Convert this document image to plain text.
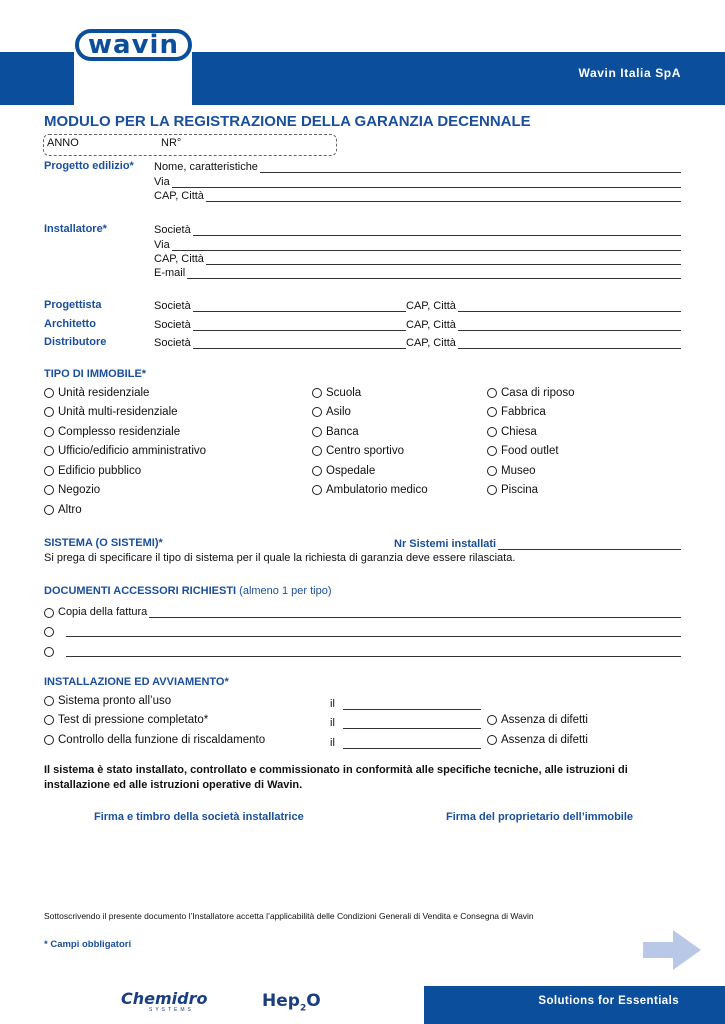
wavin
Wavin Italia SpA
MODULO PER LA REGISTRAZIONE DELLA GARANZIA DECENNALE
ANNO	NR°
Progetto edilizio* Nome, caratteristiche
Via
CAP, Città
Installatore*	Società
Via
CAP, Città
E-mail
Progettista	Società	CAP, Città
Architetto	Società	CAP, Città
Distributore	Società	CAP, Città
TIPO DI IMMOBILE*
Unità residenziale
Unità multi-residenziale
Complesso residenziale
Ufficio/edificio amministrativo
Edificio pubblico
Negozio
Altro
Scuola
Asilo
Banca
Centro sportivo
Ospedale
Ambulatorio medico
Casa di riposo
Fabbrica
Chiesa
Food outlet
Museo
Piscina
SISTEMA (O SISTEMI)*	Nr Sistemi installati
Si prega di specificare il tipo di sistema per il quale la richiesta di garanzia deve essere rilasciata.
DOCUMENTI ACCESSORI RICHIESTI (almeno 1 per tipo)
Copia della fattura
INSTALLAZIONE ED AVVIAMENTO*
Sistema pronto all’uso	il
Test di pressione completato*	il	Assenza di difetti
Controllo della funzione di riscaldamento	il	Assenza di difetti
Il sistema è stato installato, controllato e commissionato in conformità alle specifiche tecniche, alle istruzioni di installazione ed alle istruzioni operative di Wavin.
Firma e timbro della società installatrice	Firma del proprietario dell’immobile
Sottoscrivendo il presente documento l’Installatore accetta l’applicabilità delle Condizioni Generali di Vendita e Consegna di Wavin
* Campi obbligatori
Solutions for Essentials
Chemidro
SYSTEMS	Hep$_2$O
